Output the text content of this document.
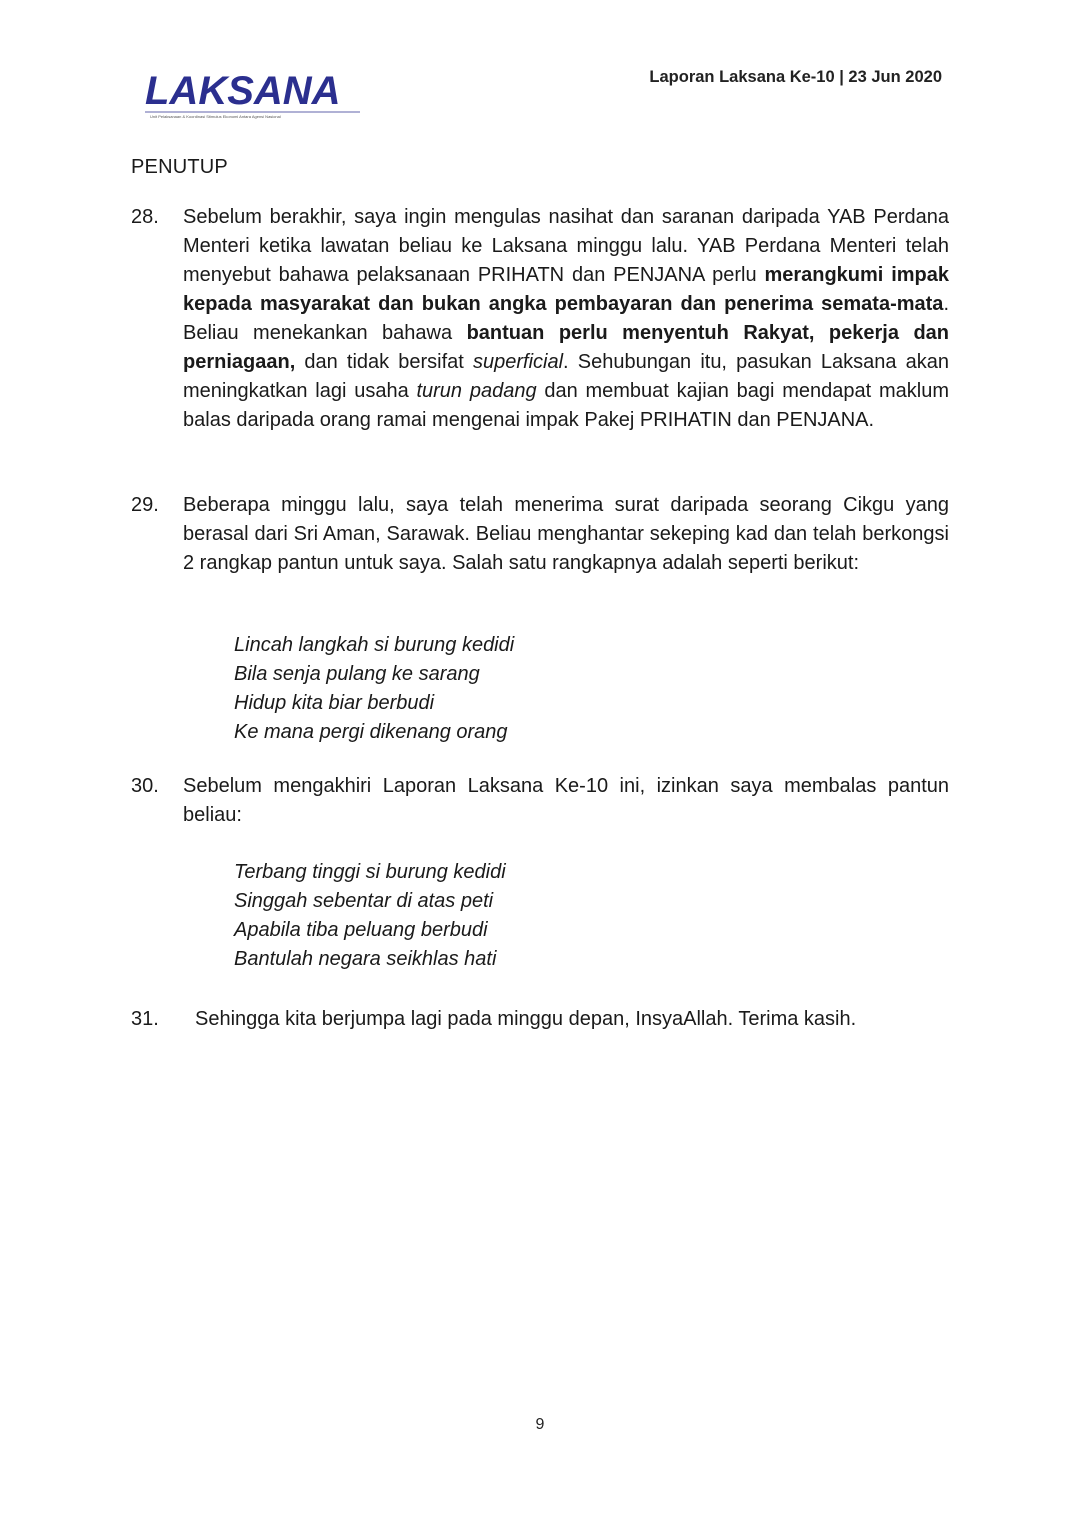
LAKSANA
Unit Pelaksanaan & Koordinasi Stimulus Ekonomi Antara Agensi Nasional
Laporan Laksana Ke-10 | 23 Jun 2020
PENUTUP
28. Sebelum berakhir, saya ingin mengulas nasihat dan saranan daripada YAB Perdana Menteri ketika lawatan beliau ke Laksana minggu lalu. YAB Perdana Menteri telah menyebut bahawa pelaksanaan PRIHATN dan PENJANA perlu merangkumi impak kepada masyarakat dan bukan angka pembayaran dan penerima semata-mata. Beliau menekankan bahawa bantuan perlu menyentuh Rakyat, pekerja dan perniagaan, dan tidak bersifat superficial. Sehubungan itu, pasukan Laksana akan meningkatkan lagi usaha turun padang dan membuat kajian bagi mendapat maklum balas daripada orang ramai mengenai impak Pakej PRIHATIN dan PENJANA.
29. Beberapa minggu lalu, saya telah menerima surat daripada seorang Cikgu yang berasal dari Sri Aman, Sarawak. Beliau menghantar sekeping kad dan telah berkongsi 2 rangkap pantun untuk saya. Salah satu rangkapnya adalah seperti berikut:
Lincah langkah si burung kedidi
Bila senja pulang ke sarang
Hidup kita biar berbudi
Ke mana pergi dikenang orang
30. Sebelum mengakhiri Laporan Laksana Ke-10 ini, izinkan saya membalas pantun beliau:
Terbang tinggi si burung kedidi
Singgah sebentar di atas peti
Apabila tiba peluang berbudi
Bantulah negara seikhlas hati
31. Sehingga kita berjumpa lagi pada minggu depan, InsyaAllah. Terima kasih.
9
